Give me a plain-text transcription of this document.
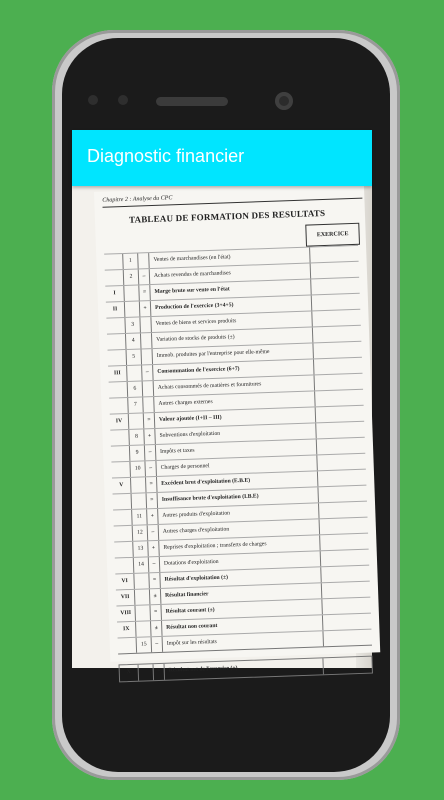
Diagnostic financier
Chapitre 2 : Analyse du CPC
TABLEAU DE FORMATION DES RESULTATS
EXERCICE
1	Ventes de marchandises (en l'état)
2	–	Achats revendus de marchandises
I	=	Marge brute sur vente en l'état
II	+	Production de l'exercice (3+4+5)
3	Ventes de biens et services produits
4	Variation de stocks de produits (±)
5	Immob. produites par l'entreprise pour elle-même
III	–	Consommation de l'exercice (6+7)
6	Achats consommés de matières et fournitures
7	Autres charges externes
IV	=	Valeur ajoutée (I+II – III)
8	+	Subventions d'exploitation
9	–	Impôts et taxes
10	–	Charges de personnel
V	=	Excédent brut d'exploitation (E.B.E)
=	Insuffisance brute d'exploitation (I.B.E)
11	+	Autres produits d'exploitation
12	–	Autres charges d'exploitation
13	+	Reprises d'exploitation ; transferts de charges
14	–	Dotations d'exploitation
VI	=	Résultat d'exploitation (±)
VII	±	Résultat financier
VIII	=	Résultat courant (±)
IX	±	Résultat non courant
15	–	Impôt sur les résultats
X	=	Résultat net de l'exercice (±)
